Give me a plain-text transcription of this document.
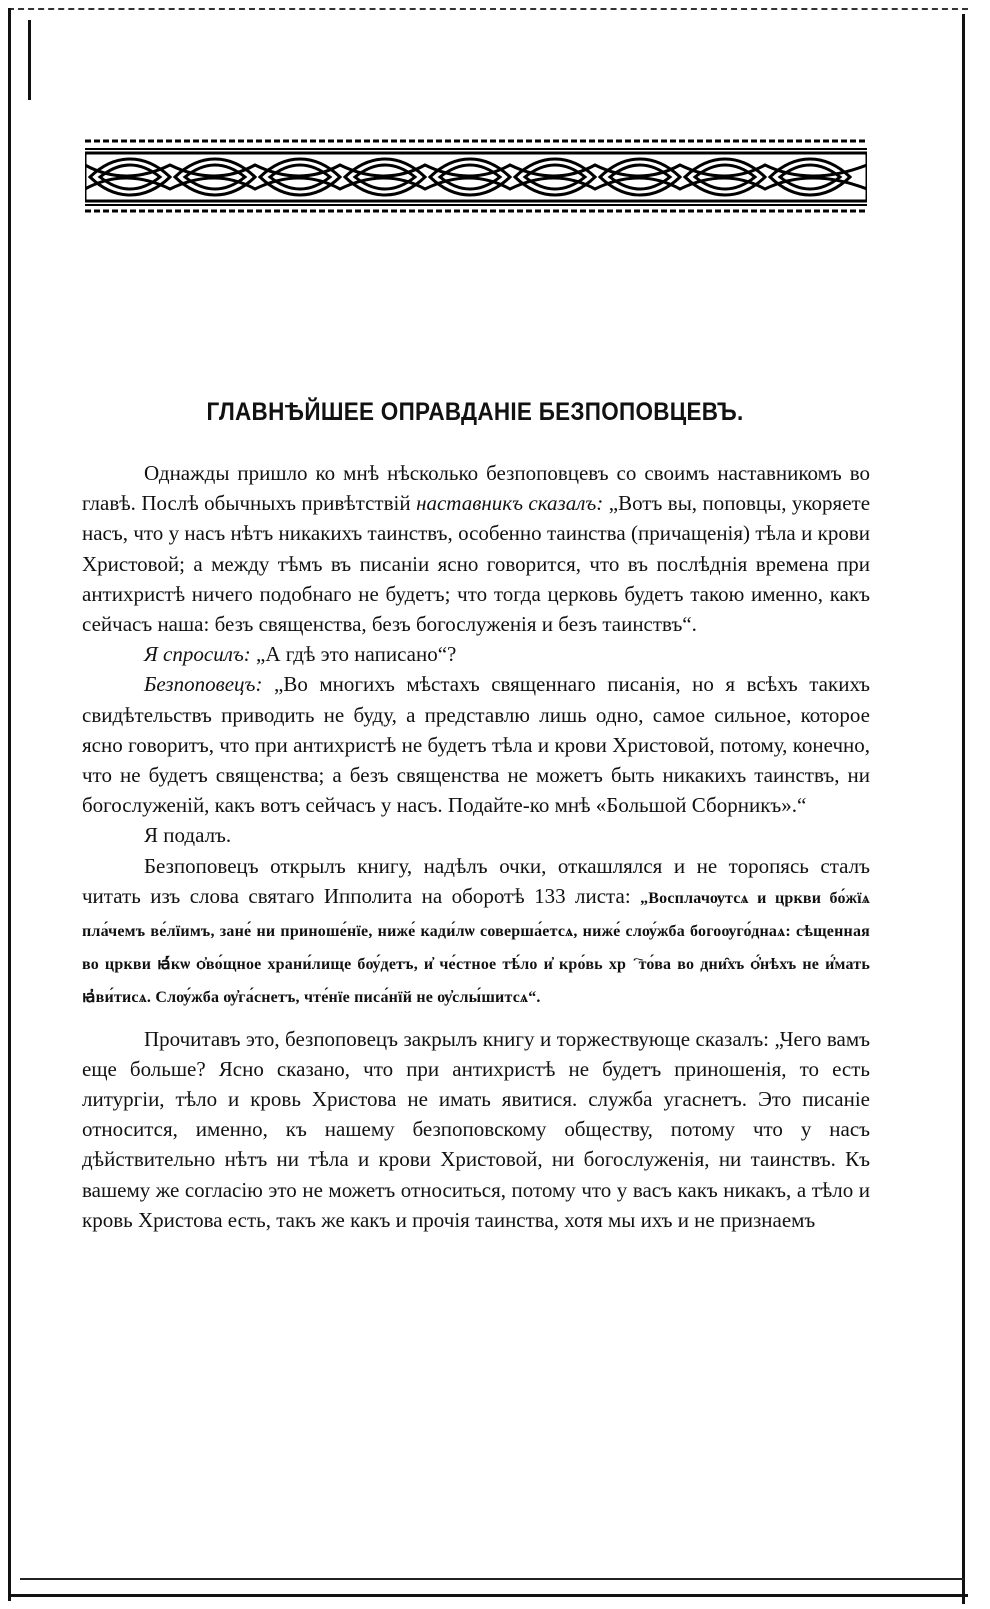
ГЛАВНѢЙШЕЕ ОПРАВДАНІЕ БЕЗПОПОВЦЕВЪ.

Однажды пришло ко мнѣ нѣсколько безпоповцевъ со своимъ наставникомъ во главѣ. Послѣ обычныхъ привѣтствій наставникъ сказалъ: „Вотъ вы, поповцы, укоряете насъ, что у насъ нѣтъ никакихъ таинствъ, особенно таинства (причащенія) тѣла и крови Христовой; а между тѣмъ въ писаніи ясно говорится, что въ послѣднія времена при антихристѣ ничего подобнаго не будетъ; что тогда церковь будетъ такою именно, какъ сейчасъ наша: безъ священства, безъ богослуженія и безъ таинствъ“.

Я спросилъ: „А гдѣ это написано“?

Безпоповецъ: „Во многихъ мѣстахъ священнаго писанія, но я всѣхъ такихъ свидѣтельствъ приводить не буду, а представлю лишь одно, самое сильное, которое ясно говоритъ, что при антихристѣ не будетъ тѣла и крови Христовой, потому, конечно, что не будетъ священства; а безъ священства не можетъ быть никакихъ таинствъ, ни богослуженій, какъ вотъ сейчасъ у насъ. Подайте-ко мнѣ «Большой Сборникъ».“

Я подалъ.

Безпоповецъ открылъ книгу, надѣлъ очки, откашлялся и не торопясь сталъ читать изъ слова святаго Ипполита на оборотѣ 133 листа: „Восплачѹтсѧ и цркви бо́жїѧ пла́чемъ ве́лїимъ, зане́ ни приноше́нїе, ниже́ кади́лѡ соверша́етсѧ, ниже́ слѹ́жба богоѹго́днаѧ: сѣщенная во цркви ꙗ҆́кѡ ѻ҆во́щное храни́лище бѹ́детъ, и҆ че́стное тѣ́ло и҆ кро́вь хрⷭ҇то́ва во дни̑хъ ѻ҆́нѣхъ не и҆́мать ꙗ҆ви́тисѧ. Слѹ́жба ѹ҆га́снетъ, чте́нїе писа́нїй не ѹ҆слы́шитсѧ“.

Прочитавъ это, безпоповецъ закрылъ книгу и торжествующе сказалъ: „Чего вамъ еще больше? Ясно сказано, что при антихристѣ не будетъ приношенія, то есть литургіи, тѣло и кровь Христова не имать явитися. служба угаснетъ. Это писаніе относится, именно, къ нашему безпоповскому обществу, потому что у насъ дѣйствительно нѣтъ ни тѣла и крови Христовой, ни богослуженія, ни таинствъ. Къ вашему же согласію это не можетъ относиться, потому что у васъ какъ никакъ, а тѣло и кровь Христова есть, такъ же какъ и прочія таинства, хотя мы ихъ и не признаемъ
